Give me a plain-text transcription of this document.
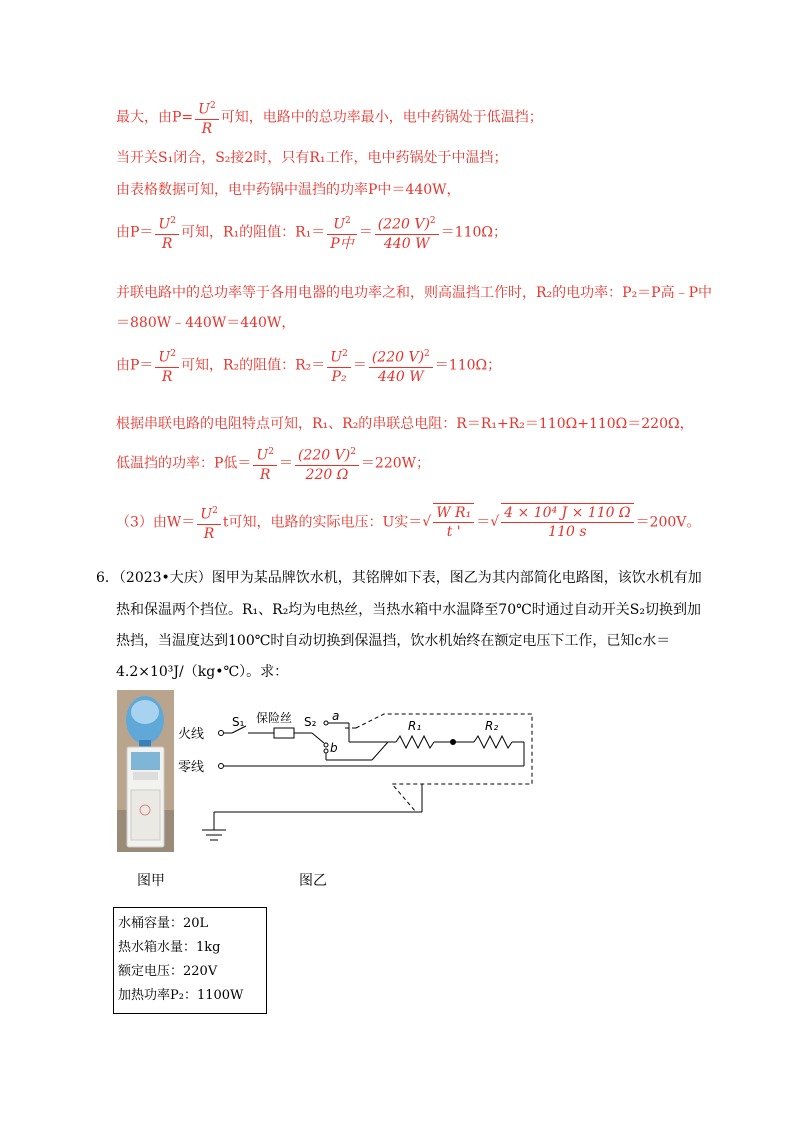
最大，由$P= \frac{U^2}{R}$ 可知，电路中的总功率最小，电中药锅处于低温挡；
当开关S₁闭合，S₂接2时，只有R₁工作，电中药锅处于中温挡；
由表格数据可知，电中药锅中温挡的功率P中＝440W，
由$P= \frac{U^2}{R}$ 可知，R₁的阻值：$R_1= \frac{U^2}{\text{P中}} = \frac{(220 V)^2}{440 W} =110\Omega$；
并联电路中的总功率等于各用电器的电功率之和，则高温挡工作时，R₂的电功率：P₂＝P高﹣P中
＝880W﹣440W＝440W，
由$P= \frac{U^2}{R}$ 可知，R₂的阻值：$R_2= \frac{U^2}{\text{P₂}} = \frac{(220 V)^2}{440 W} =110\Omega$；
根据串联电路的电阻特点可知，R₁、R₂的串联总电阻：R＝R₁+R₂＝110Ω+110Ω＝220Ω，
低温挡的功率：P低＝ $\frac{U^2}{R} = \frac{(220 V)^2}{220 \Omega} =220W$；
（3）由$W= \frac{U^2}{R}$ t可知，电路的实际电压：U实＝√ $\frac{\text{W R₁}}{t '}$ ＝√ $\frac{\text{4 × 10⁴ J × 110 Ω}}{110 s} =200V$。
6．（2023•大庆）图甲为某品牌饮水机，其铭牌如下表，图乙为其内部简化电路图，该饮水机有加
热和保温两个挡位。R₁、R₂均为电热丝，当热水箱中水温降至70℃时通过自动开关S₂切换到加
热挡，当温度达到100℃时自动切换到保温挡，饮水机始终在额定电压下工作，已知c水＝
4.2×10³J/（kg•℃）。求：
火线
零线
S₁ 保险丝 S₂ a
b
R₁	R₂
图甲	图乙
水桶容量：20L
热水箱水量：1kg
额定电压：220V
加热功率P₂：1100W
